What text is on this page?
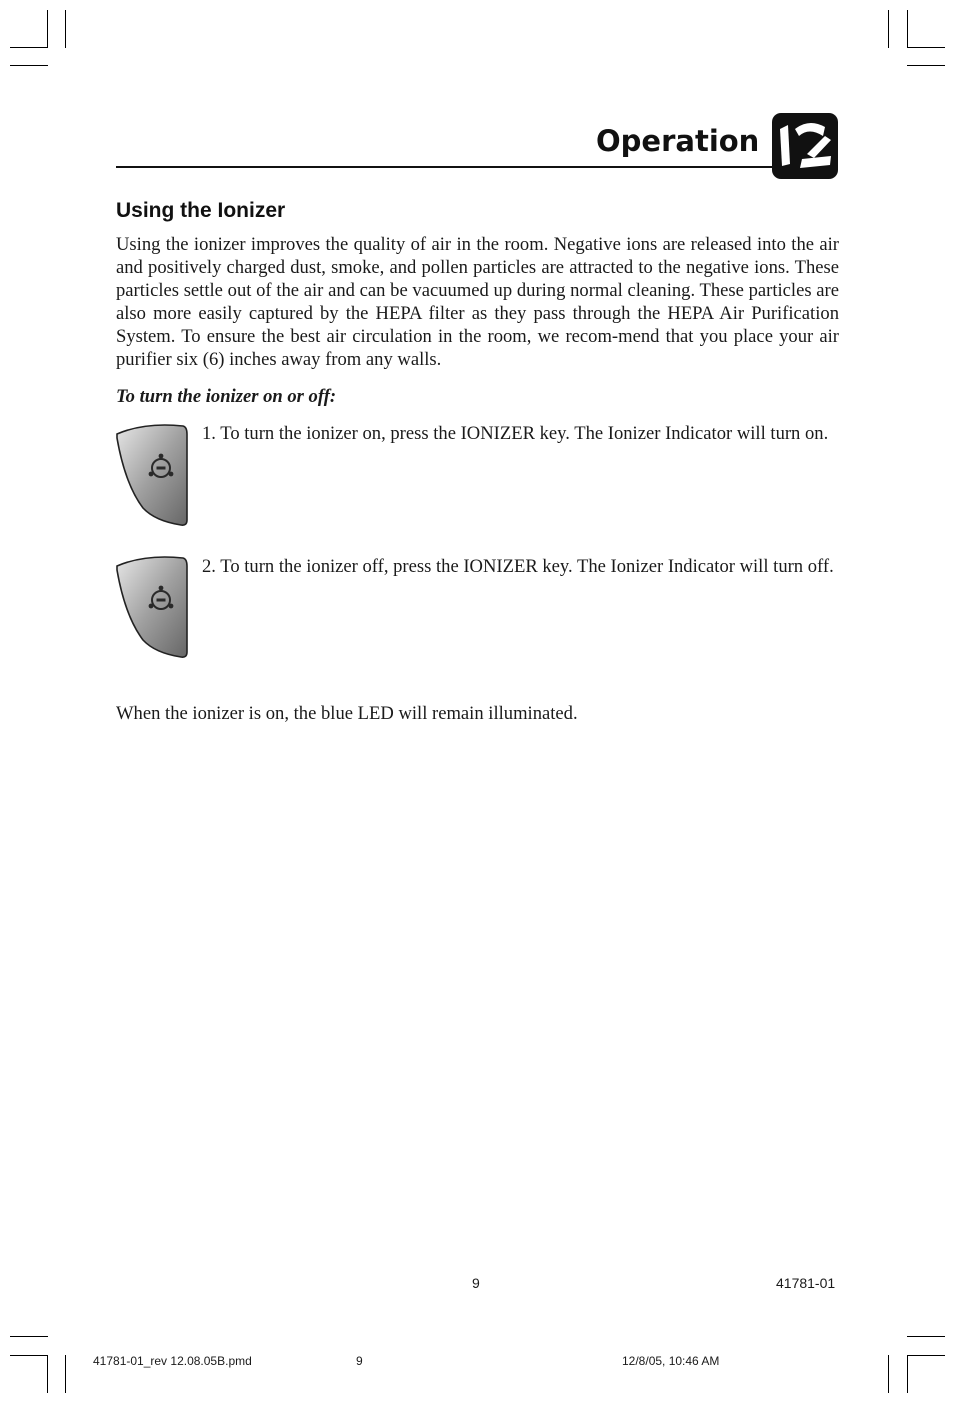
Operation
Using the Ionizer

Using the ionizer improves the quality of air in the room. Negative ions are released into the air and positively charged dust, smoke, and pollen particles are attracted to the negative ions. These particles settle out of the air and can be vacuumed up during normal cleaning. These particles are also more easily captured by the HEPA filter as they pass through the HEPA Air Purification System. To ensure the best air circulation in the room, we recom-mend that you place your air purifier six (6) inches away from any walls.

To turn the ionizer on or off:

1. To turn the ionizer on, press the IONIZER key. The Ionizer Indicator will turn on.

2. To turn the ionizer off, press the IONIZER key. The Ionizer Indicator will turn off.

When the ionizer is on, the blue LED will remain illuminated.

9	41781-01
41781-01_rev 12.08.05B.pmd	9	12/8/05, 10:46 AM
